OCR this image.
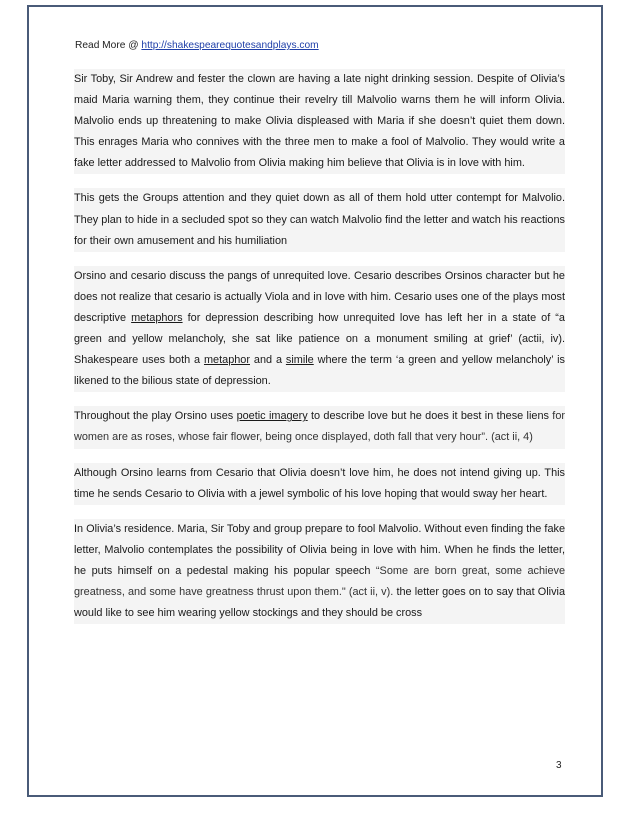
Read More @ http://shakespearequotesandplays.com

Sir Toby, Sir Andrew and fester the clown are having a late night drinking session. Despite of Olivia’s maid Maria warning them, they continue their revelry till Malvolio warns them he will inform Olivia. Malvolio ends up threatening to make Olivia displeased with Maria if she doesn’t quiet them down. This enrages Maria who connives with the three men to make a fool of Malvolio. They would write a fake letter addressed to Malvolio from Olivia making him believe that Olivia is in love with him.

This gets the Groups attention and they quiet down as all of them hold utter contempt for Malvolio. They plan to hide in a secluded spot so they can watch Malvolio find the letter and watch his reactions for their own amusement and his humiliation

Orsino and cesario discuss the pangs of unrequited love. Cesario describes Orsinos character but he does not realize that cesario is actually Viola and in love with him. Cesario uses one of the plays most descriptive metaphors for depression describing how unrequited love has left her in a state of “a green and yellow melancholy, she sat like patience on a monument smiling at grief’ (actii, iv). Shakespeare uses both a metaphor and a simile where the term ‘a green and yellow melancholy’ is likened to the bilious state of depression.

Throughout the play Orsino uses poetic imagery to describe love but he does it best in these liens for women are as roses, whose fair flower, being once displayed, doth fall that very hour”. (act ii, 4)

Although Orsino learns from Cesario that Olivia doesn’t love him, he does not intend giving up. This time he sends Cesario to Olivia with a jewel symbolic of his love hoping that would sway her heart.

In Olivia’s residence. Maria, Sir Toby and group prepare to fool Malvolio. Without even finding the fake letter, Malvolio contemplates the possibility of Olivia being in love with him. When he finds the letter, he puts himself on a pedestal making his popular speech “Some are born great, some achieve greatness, and some have greatness thrust upon them." (act ii, v). the letter goes on to say that Olivia would like to see him wearing yellow stockings and they should be cross

3
